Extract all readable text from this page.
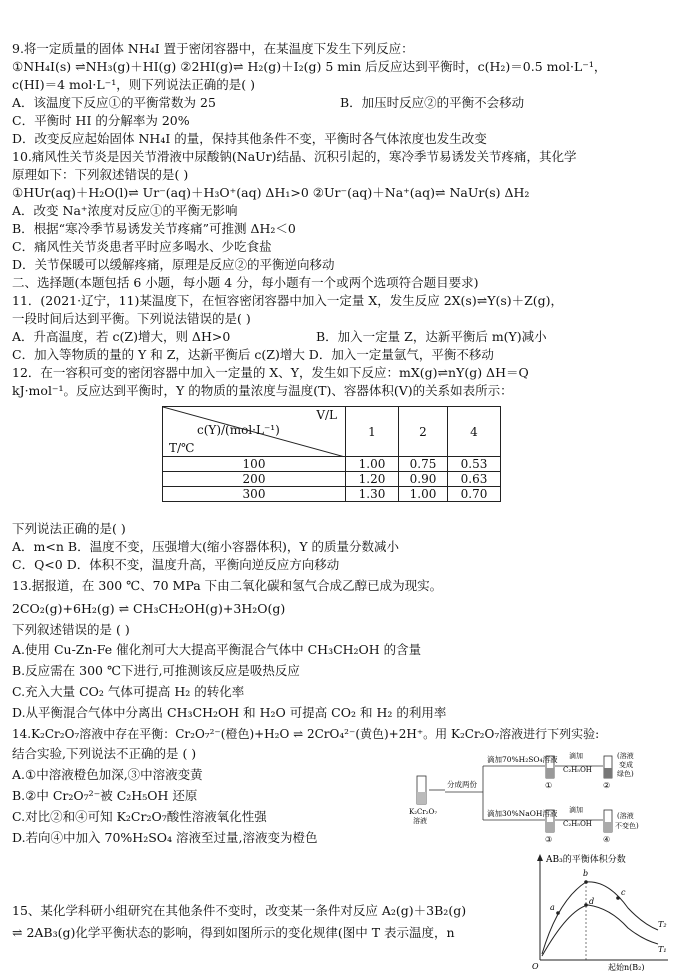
9.将一定质量的固体 NH₄I 置于密闭容器中，在某温度下发生下列反应：
①NH₄I(s) ⇌NH₃(g)＋HI(g) ②2HI(g)⇌ H₂(g)＋I₂(g) 5 min 后反应达到平衡时，c(H₂)＝0.5 mol·L⁻¹，
c(HI)＝4 mol·L⁻¹，则下列说法正确的是( )
A．该温度下反应①的平衡常数为 25	B．加压时反应②的平衡不会移动
C．平衡时 HI 的分解率为 20%
D．改变反应起始固体 NH₄I 的量，保持其他条件不变，平衡时各气体浓度也发生改变
10.痛风性关节炎是因关节滑液中尿酸钠(NaUr)结晶、沉积引起的，寒冷季节易诱发关节疼痛，其化学
原理如下：下列叙述错误的是( )
①HUr(aq)＋H₂O(l)⇌ Ur⁻(aq)＋H₃O⁺(aq) ΔH₁>0 ②Ur⁻(aq)＋Na⁺(aq)⇌ NaUr(s) ΔH₂
A．改变 Na⁺浓度对反应①的平衡无影响
B．根据“寒冷季节易诱发关节疼痛”可推测 ΔH₂＜0
C．痛风性关节炎患者平时应多喝水、少吃食盐
D．关节保暖可以缓解疼痛，原理是反应②的平衡逆向移动
二、选择题(本题包括 6 小题，每小题 4 分，每小题有一个或两个选项符合题目要求)
11．(2021·辽宁，11)某温度下，在恒容密闭容器中加入一定量 X，发生反应 2X(s)⇌Y(s)＋Z(g)，
一段时间后达到平衡。下列说法错误的是( )
A．升高温度，若 c(Z)增大，则 ΔH>0	B．加入一定量 Z，达新平衡后 m(Y)减小
C．加入等物质的量的 Y 和 Z，达新平衡后 c(Z)增大 D．加入一定量氩气，平衡不移动
12．在一容积可变的密闭容器中加入一定量的 X、Y，发生如下反应：mX(g)⇌nY(g) ΔH＝Q
kJ·mol⁻¹。反应达到平衡时，Y 的物质的量浓度与温度(T)、容器体积(V)的关系如表所示：
V/L
c(Y)/(mol·L⁻¹)
T/℃	1	2	4
100	1.00	0.75	0.53
200	1.20	0.90	0.63
300	1.30	1.00	0.70
下列说法正确的是( )
A．m<n B．温度不变，压强增大(缩小容器体积)，Y 的质量分数减小
C．Q<0 D．体积不变，温度升高，平衡向逆反应方向移动
13.据报道，在 300 ℃、70 MPa 下由二氧化碳和氢气合成乙醇已成为现实。
2CO₂(g)+6H₂(g) ⇌ CH₃CH₂OH(g)+3H₂O(g)
下列叙述错误的是 ( )
A.使用 Cu-Zn-Fe 催化剂可大大提高平衡混合气体中 CH₃CH₂OH 的含量
B.反应需在 300 ℃下进行,可推测该反应是吸热反应
C.充入大量 CO₂ 气体可提高 H₂ 的转化率
D.从平衡混合气体中分离出 CH₃CH₂OH 和 H₂O 可提高 CO₂ 和 H₂ 的利用率
14.K₂Cr₂O₇溶液中存在平衡：Cr₂O₇²⁻(橙色)+H₂O ⇌ 2CrO₄²⁻(黄色)+2H⁺。用 K₂Cr₂O₇溶液进行下列实验:
结合实验,下列说法不正确的是 ( )
A.①中溶液橙色加深,③中溶液变黄
B.②中 Cr₂O₇²⁻被 C₂H₅OH 还原
C.对比②和④可知 K₂Cr₂O₇酸性溶液氧化性强
D.若向④中加入 70%H₂SO₄ 溶液至过量,溶液变为橙色
K₂Cr₂O₇
溶液
分成两份
滴加70%H₂SO₄溶液
滴加30%NaOH溶液
①
滴加
C₂H₅OH
②
(溶液
变成
绿色)
③
滴加
C₂H₅OH
④
(溶液
不变色)
15、某化学科研小组研究在其他条件不变时，改变某一条件对反应 A₂(g)＋3B₂(g)
⇌ 2AB₃(g)化学平衡状态的影响，得到如图所示的变化规律(图中 T 表示温度，n
AB₃的平衡体积分数
O	起始n(B₂)
a
b
c
d
T₂
T₁
